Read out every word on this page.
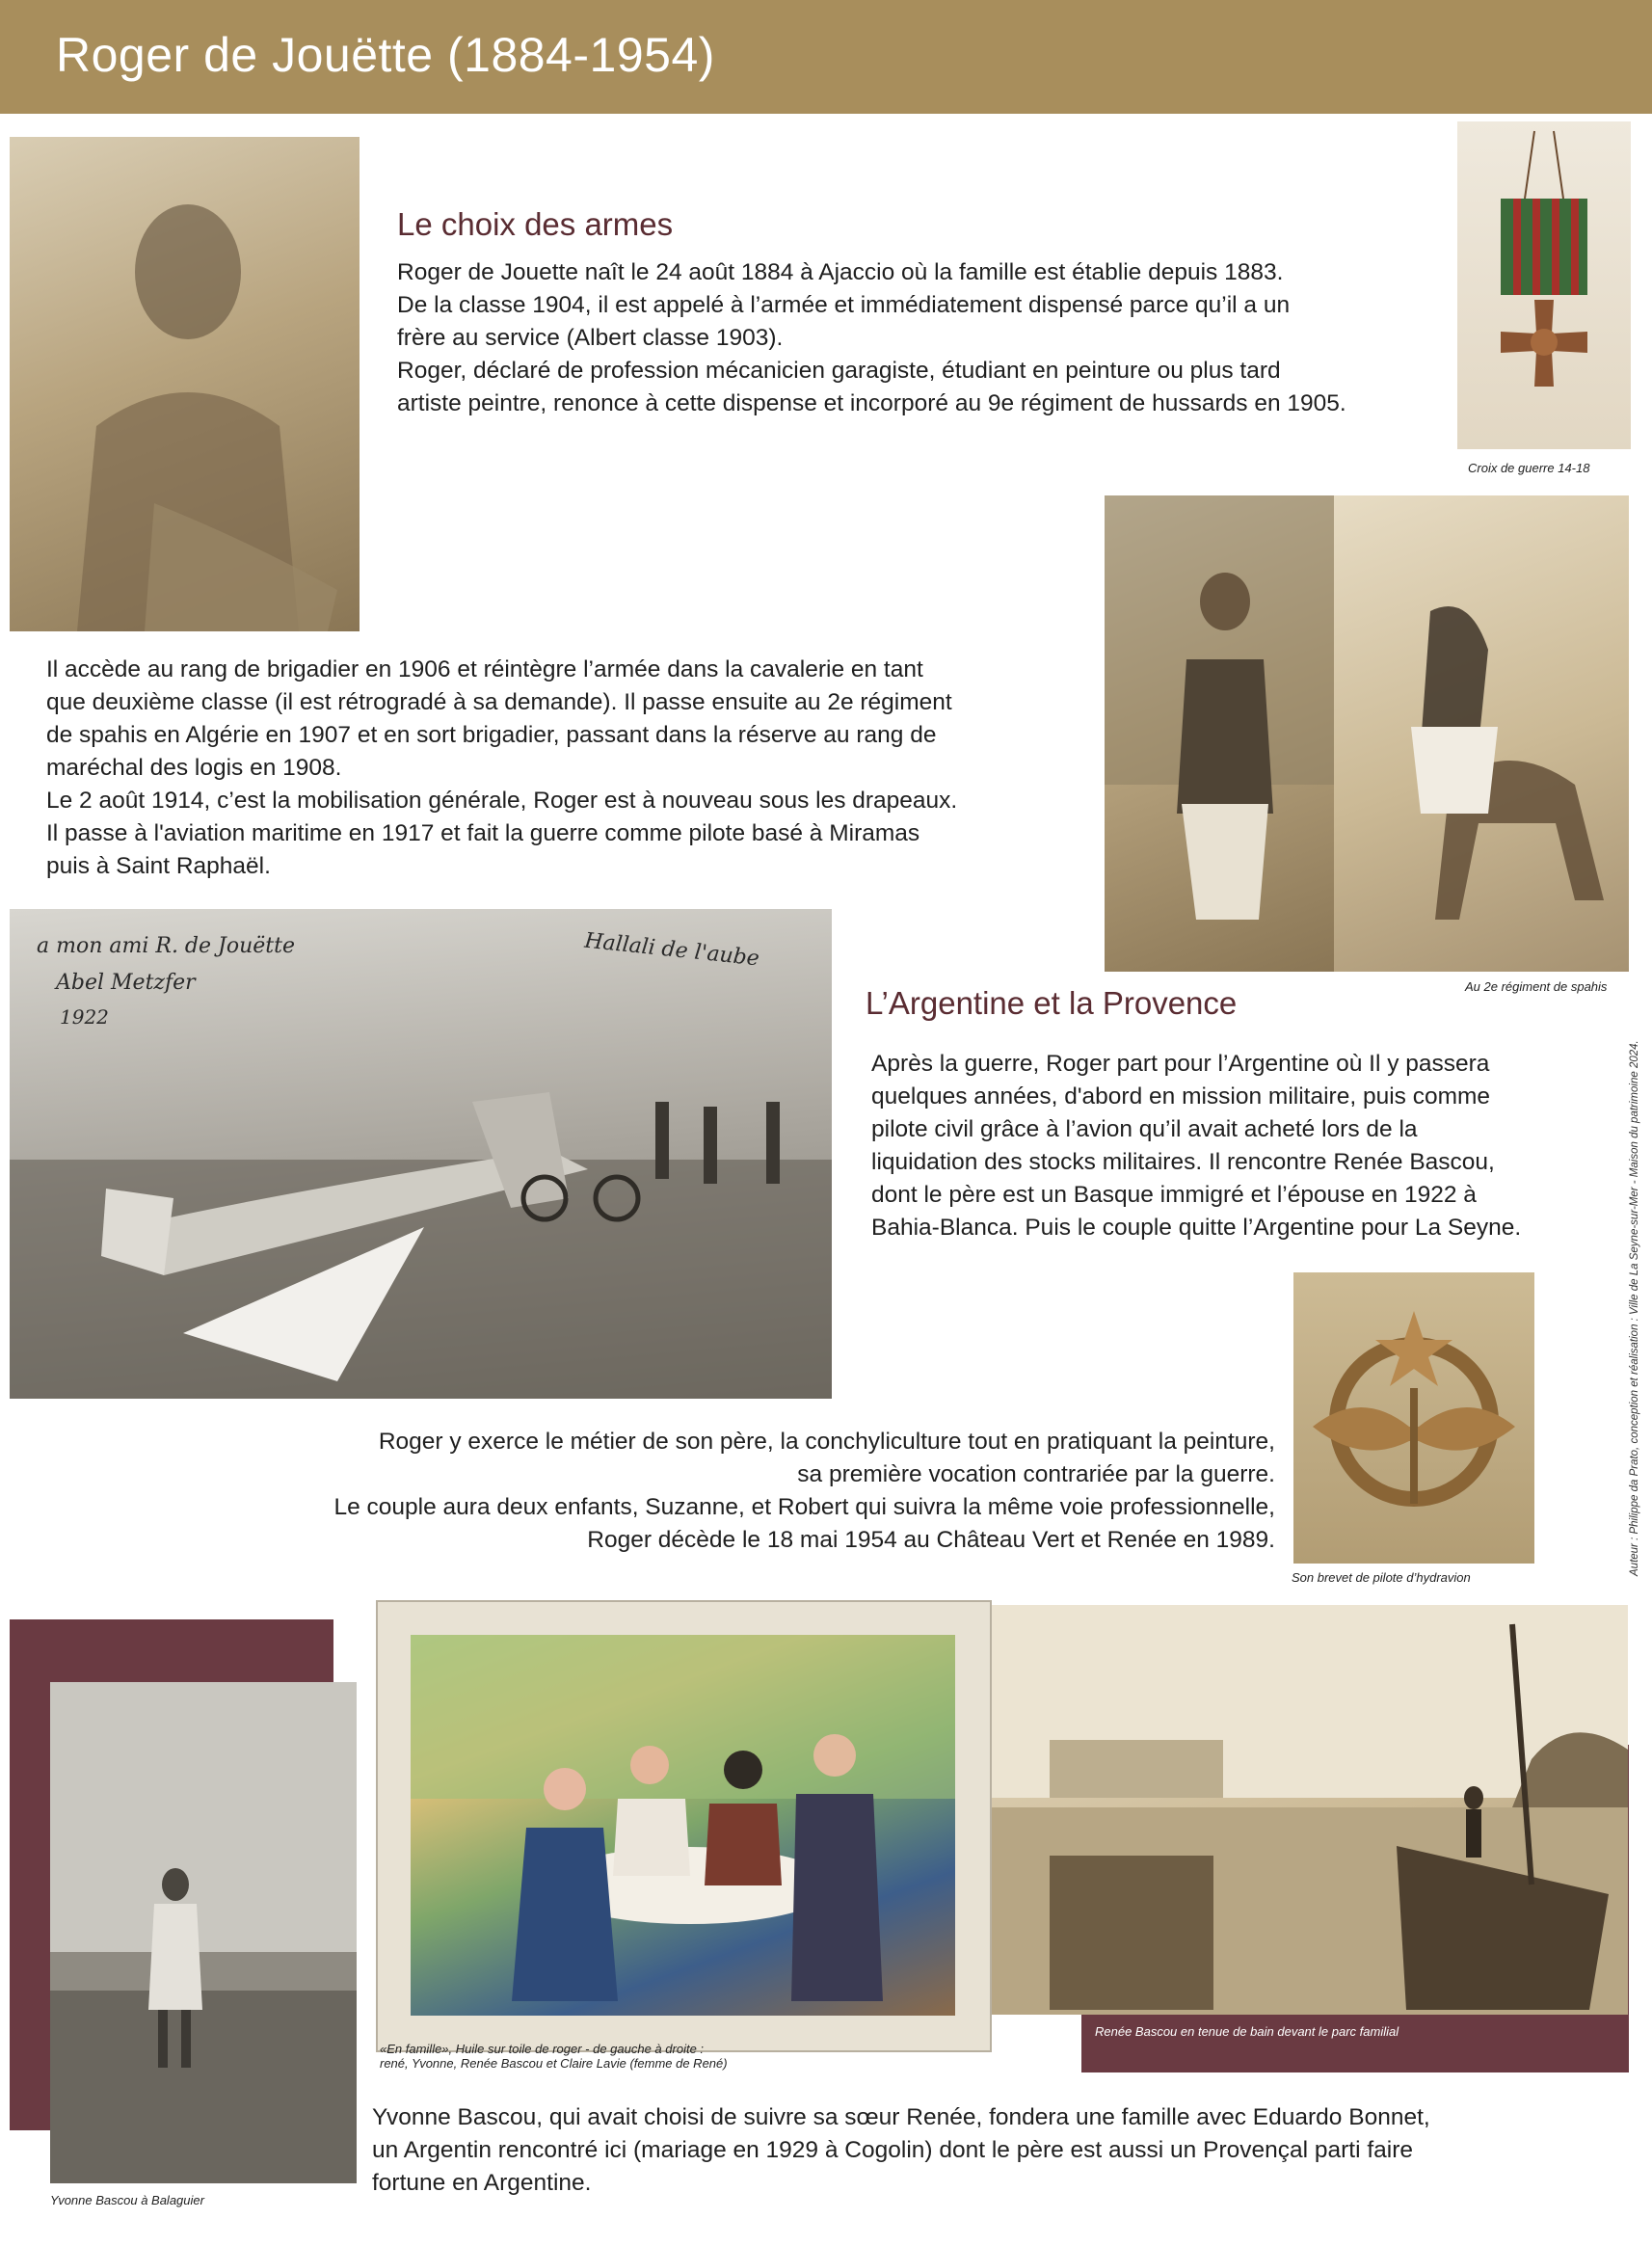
Roger de Jouëtte (1884-1954)
Le choix des armes
Roger de Jouette naît le 24 août 1884 à Ajaccio où la famille est établie depuis 1883.
De la classe 1904, il est appelé à l’armée et immédiatement dispensé parce qu’il a un
frère au service (Albert classe 1903).
Roger, déclaré de profession mécanicien garagiste, étudiant en peinture ou plus tard
artiste peintre, renonce à cette dispense et incorporé au 9e régiment de hussards en 1905.
Croix de guerre 14-18
Il accède au rang de brigadier en 1906 et réintègre l’armée dans la cavalerie en tant
que deuxième classe (il est rétrogradé à sa demande). Il passe ensuite au 2e régiment
de spahis en Algérie en 1907 et en sort brigadier, passant dans la réserve au rang de
maréchal des logis en 1908.
Le 2 août 1914, c’est la mobilisation générale, Roger est à nouveau sous les drapeaux.
Il passe à l'aviation maritime en 1917 et fait la guerre comme pilote basé à Miramas
puis à Saint Raphaël.
Au 2e régiment de spahis
a mon ami R. de Jouëtte
Abel Metzfer
1922
Hallali de l'aube
L’Argentine et la Provence
Après la guerre, Roger part pour l’Argentine où Il y passera
quelques années, d'abord en mission militaire, puis comme
pilote civil grâce à l’avion qu’il avait acheté lors de la
liquidation des stocks militaires. Il rencontre Renée Bascou,
dont le père est un Basque immigré et l’épouse en 1922 à
Bahia-Blanca. Puis le couple quitte l’Argentine pour La Seyne.
Roger y exerce le métier de son père, la conchyliculture tout en pratiquant la peinture,
sa première vocation contrariée par la guerre.
Le couple aura deux enfants, Suzanne, et Robert qui suivra la même voie professionnelle,
Roger décède le 18 mai 1954 au Château Vert et Renée en 1989.
Son brevet de pilote d’hydravion
Auteur : Philippe da Prato, conception et réalisation : Ville de La Seyne-sur-Mer - Maison du patrimoine 2024.
Yvonne Bascou à Balaguier
«En famille», Huile sur toile de roger - de gauche à droite :
rené, Yvonne, Renée Bascou et Claire Lavie (femme de René)
Renée Bascou en tenue de bain devant le parc familial
Yvonne Bascou, qui avait choisi de suivre sa sœur Renée, fondera une famille avec Eduardo Bonnet,
un Argentin rencontré ici (mariage en 1929 à Cogolin) dont le père est aussi un Provençal parti faire
fortune en Argentine.
